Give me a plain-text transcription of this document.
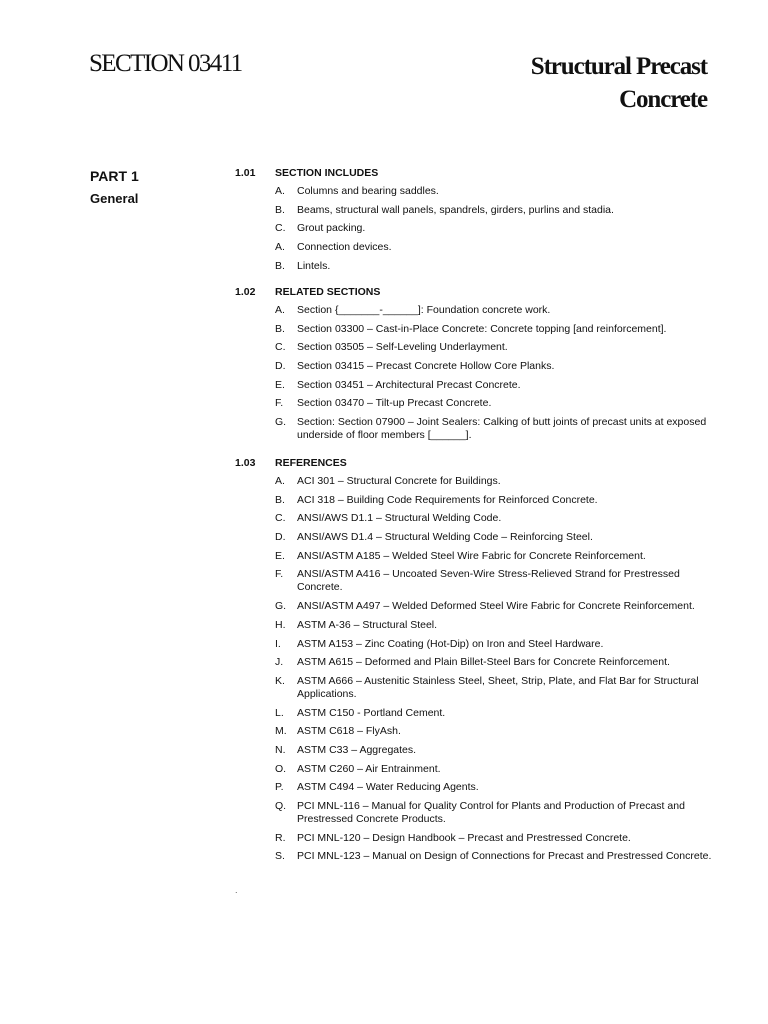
SECTION 03411	Structural Precast
Concrete
PART 1
General
1.01 SECTION INCLUDES
A. Columns and bearing saddles.
B. Beams, structural wall panels, spandrels, girders, purlins and stadia.
C. Grout packing.
A. Connection devices.
B. Lintels.
1.02 RELATED SECTIONS
A. Section {_______-______]: Foundation concrete work.
B. Section 03300 – Cast-in-Place Concrete: Concrete topping [and reinforcement].
C. Section 03505 – Self-Leveling Underlayment.
D. Section 03415 – Precast Concrete Hollow Core Planks.
E. Section 03451 – Architectural Precast Concrete.
F. Section 03470 – Tilt-up Precast Concrete.
G. Section: Section 07900 – Joint Sealers: Calking of butt joints of precast units at exposed underside of floor members [______].
1.03 REFERENCES
A. ACI 301 – Structural Concrete for Buildings.
B. ACI 318 – Building Code Requirements for Reinforced Concrete.
C. ANSI/AWS D1.1 – Structural Welding Code.
D. ANSI/AWS D1.4 – Structural Welding Code – Reinforcing Steel.
E. ANSI/ASTM A185 – Welded Steel Wire Fabric for Concrete Reinforcement.
F. ANSI/ASTM A416 – Uncoated Seven-Wire Stress-Relieved Strand for Prestressed Concrete.
G. ANSI/ASTM A497 – Welded Deformed Steel Wire Fabric for Concrete Reinforcement.
H. ASTM A-36 – Structural Steel.
I. ASTM A153 – Zinc Coating (Hot-Dip) on Iron and Steel Hardware.
J. ASTM A615 – Deformed and Plain Billet-Steel Bars for Concrete Reinforcement.
K. ASTM A666 – Austenitic Stainless Steel, Sheet, Strip, Plate, and Flat Bar for Structural Applications.
L. ASTM C150 - Portland Cement.
M. ASTM C618 – FlyAsh.
N. ASTM C33 – Aggregates.
O. ASTM C260 – Air Entrainment.
P. ASTM C494 – Water Reducing Agents.
Q. PCI MNL-116 – Manual for Quality Control for Plants and Production of Precast and Prestressed Concrete Products.
R. PCI MNL-120 – Design Handbook – Precast and Prestressed Concrete.
S. PCI MNL-123 – Manual on Design of Connections for Precast and Prestressed Concrete.
.
